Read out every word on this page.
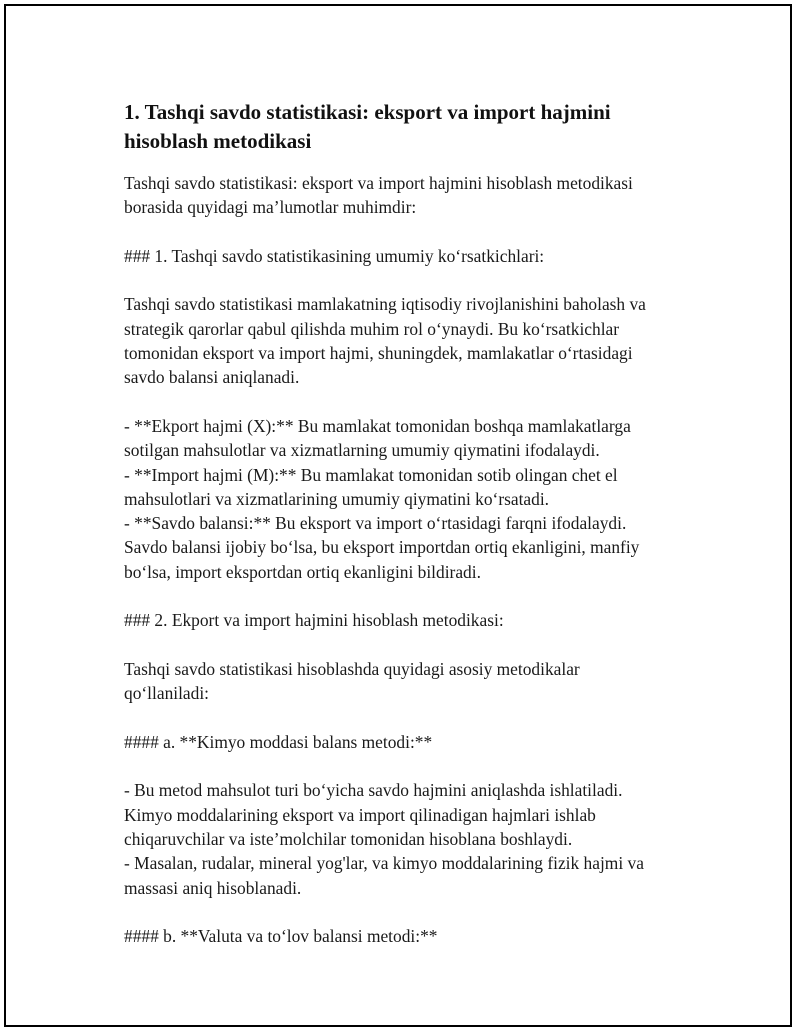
1. Tashqi savdo statistikasi: eksport va import hajmini
hisoblash metodikasi
Tashqi savdo statistikasi: eksport va import hajmini hisoblash metodikasi
borasida quyidagi ma’lumotlar muhimdir:
### 1. Tashqi savdo statistikasining umumiy ko‘rsatkichlari:
Tashqi savdo statistikasi mamlakatning iqtisodiy rivojlanishini baholash va
strategik qarorlar qabul qilishda muhim rol o‘ynaydi. Bu ko‘rsatkichlar
tomonidan eksport va import hajmi, shuningdek, mamlakatlar o‘rtasidagi
savdo balansi aniqlanadi.
- **Ekport hajmi (X):** Bu mamlakat tomonidan boshqa mamlakatlarga
sotilgan mahsulotlar va xizmatlarning umumiy qiymatini ifodalaydi.
- **Import hajmi (M):** Bu mamlakat tomonidan sotib olingan chet el
mahsulotlari va xizmatlarining umumiy qiymatini ko‘rsatadi.
- **Savdo balansi:** Bu eksport va import o‘rtasidagi farqni ifodalaydi.
Savdo balansi ijobiy bo‘lsa, bu eksport importdan ortiq ekanligini, manfiy
bo‘lsa, import eksportdan ortiq ekanligini bildiradi.
### 2. Ekport va import hajmini hisoblash metodikasi:
Tashqi savdo statistikasi hisoblashda quyidagi asosiy metodikalar
qo‘llaniladi:
#### a. **Kimyo moddasi balans metodi:**
- Bu metod mahsulot turi bo‘yicha savdo hajmini aniqlashda ishlatiladi.
Kimyo moddalarining eksport va import qilinadigan hajmlari ishlab
chiqaruvchilar va iste’molchilar tomonidan hisoblana boshlaydi.
- Masalan, rudalar, mineral yog'lar, va kimyo moddalarining fizik hajmi va
massasi aniq hisoblanadi.
#### b. **Valuta va to‘lov balansi metodi:**
